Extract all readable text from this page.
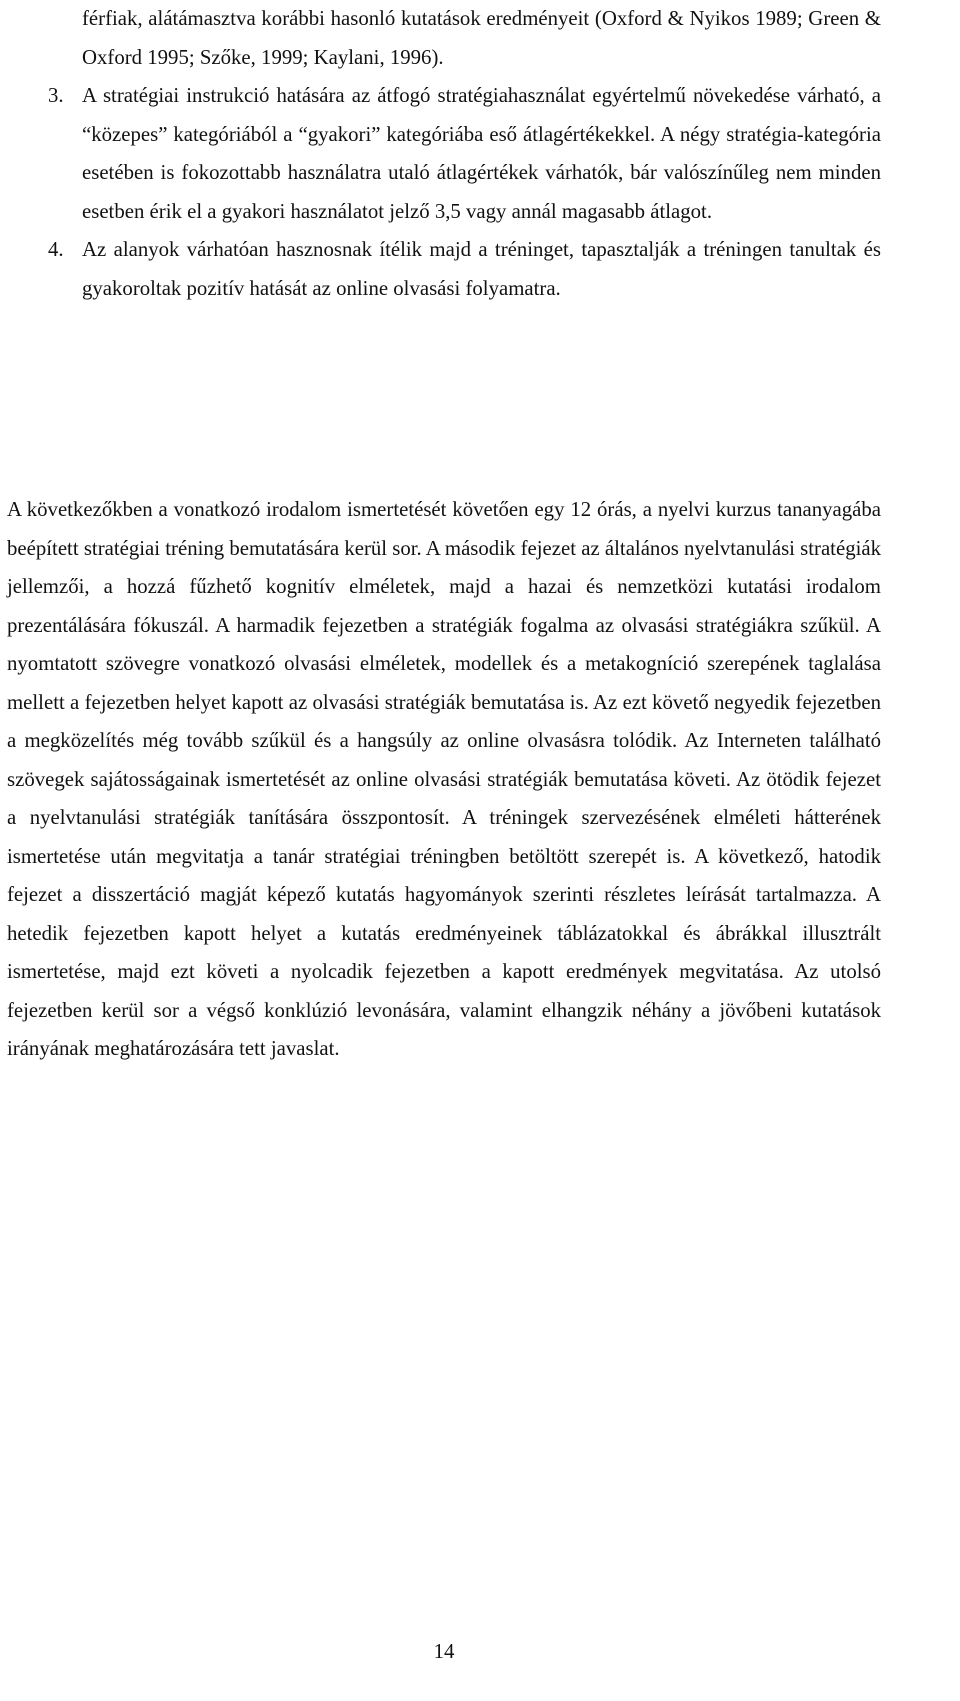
férfiak, alátámasztva korábbi hasonló kutatások eredményeit (Oxford & Nyikos 1989; Green & Oxford 1995; Szőke, 1999; Kaylani, 1996).

3. A stratégiai instrukció hatására az átfogó stratégiahasználat egyértelmű növekedése várható, a “közepes” kategóriából a “gyakori” kategóriába eső átlagértékekkel. A négy stratégia-kategória esetében is fokozottabb használatra utaló átlagértékek várhatók, bár valószínűleg nem minden esetben érik el a gyakori használatot jelző 3,5 vagy annál magasabb átlagot.

4. Az alanyok várhatóan hasznosnak ítélik majd a tréninget, tapasztalják a tréningen tanultak és gyakoroltak pozitív hatását az online olvasási folyamatra.

A következőkben a vonatkozó irodalom ismertetését követően egy 12 órás, a nyelvi kurzus tananyagába beépített stratégiai tréning bemutatására kerül sor. A második fejezet az általános nyelvtanulási stratégiák jellemzői, a hozzá fűzhető kognitív elméletek, majd a hazai és nemzetközi kutatási irodalom prezentálására fókuszál. A harmadik fejezetben a stratégiák fogalma az olvasási stratégiákra szűkül. A nyomtatott szövegre vonatkozó olvasási elméletek, modellek és a metakogníció szerepének taglalása mellett a fejezetben helyet kapott az olvasási stratégiák bemutatása is. Az ezt követő negyedik fejezetben a megközelítés még tovább szűkül és a hangsúly az online olvasásra tolódik. Az Interneten található szövegek sajátosságainak ismertetését az online olvasási stratégiák bemutatása követi. Az ötödik fejezet a nyelvtanulási stratégiák tanítására összpontosít. A tréningek szervezésének elméleti hátterének ismertetése után megvitatja a tanár stratégiai tréningben betöltött szerepét is. A következő, hatodik fejezet a disszertáció magját képező kutatás hagyományok szerinti részletes leírását tartalmazza. A hetedik fejezetben kapott helyet a kutatás eredményeinek táblázatokkal és ábrákkal illusztrált ismertetése, majd ezt követi a nyolcadik fejezetben a kapott eredmények megvitatása. Az utolsó fejezetben kerül sor a végső konklúzió levonására, valamint elhangzik néhány a jövőbeni kutatások irányának meghatározására tett javaslat.

14
